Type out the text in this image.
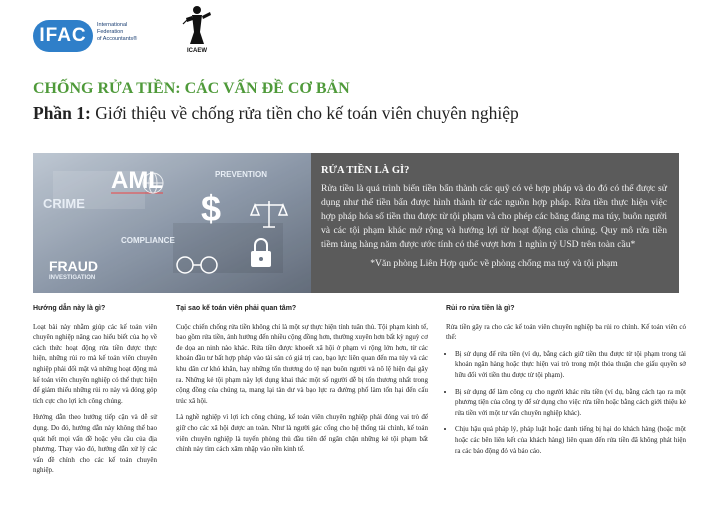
IFAC	International
Federation
of Accountants®
ICAEW
CHỐNG RỬA TIỀN: CÁC VẤN ĐỀ CƠ BẢN
Phần 1: Giới thiệu về chống rửa tiền cho kế toán viên chuyên nghiệp
AML
CRIME
PREVENTION
COMPLIANCE
FRAUD
INVESTIGATION
$
RỬA TIỀN LÀ GÌ?

Rửa tiền là quá trình biến tiền bẩn thành các quỹ có vẻ hợp pháp và do đó có thể được sử dụng như thể tiền bẩn được hình thành từ các nguồn hợp pháp. Rửa tiền thực hiện việc hợp pháp hóa số tiền thu được từ tội phạm và cho phép các băng đảng ma túy, buôn người và các tội phạm khác mở rộng và hướng lợi từ hoạt động của chúng. Quy mô rửa tiền tiềm tàng hàng năm được ước tính có thể vượt hơn 1 nghìn tỷ USD trên toàn cầu*

*Văn phòng Liên Hợp quốc về phòng chống ma tuý và tội phạm

Hướng dẫn này là gì?

Loạt bài này nhằm giúp các kế toán viên chuyên nghiệp nâng cao hiểu biết của họ về cách thức hoạt động rửa tiền được thực hiện, những rủi ro mà kế toán viên chuyên nghiệp phải đối mặt và những hoạt động mà kế toán viên chuyên nghiệp có thể thực hiện để giảm thiểu những rủi ro này và đóng góp tích cực cho lợi ích công chúng.

Hướng dẫn theo hướng tiếp cận và dễ sử dụng. Do đó, hướng dẫn này không thể bao quát hết mọi vấn đề hoặc yêu cầu của địa phương. Thay vào đó, hướng dẫn xử lý các vấn đề chính cho các kế toán chuyên nghiệp.

Tại sao kế toán viên phải quan tâm?

Cuộc chiến chống rửa tiền không chỉ là một sự thực hiện tính tuân thủ. Tội phạm kinh tế, bao gồm rửa tiền, ảnh hưởng đến nhiều cộng đồng hơn, thường xuyên hơn bất kỳ nguỳ cơ đe dọa an ninh nào khác. Rửa tiền được khoeết xã hội ở phạm vi rộng lớn hơn, từ các khoản đầu tư bất hợp pháp vào tài sản có giá trị cao, bạo lực liên quan đến ma túy và các khu dân cư khó khăn, hay những tổn thương do tệ nạn buôn người và nô lệ hiện đại gây ra. Những kẻ tội phạm này lợi dụng khai thác một số người dễ bị tổn thương nhất trong cộng đồng của chúng ta, mang lại tàn dư và bạo lực ra đường phố làm tổn hại đến cấu trúc xã hội.

Là nghề nghiệp vì lợi ích công chúng, kế toán viên chuyên nghiệp phải đóng vai trò để giữ cho các xã hội được an toàn. Như là người gác cổng cho hệ thống tài chính, kế toán viên chuyên nghiệp là tuyến phòng thủ đầu tiên để ngăn chặn những kẻ tội phạm bất chính này tìm cách xâm nhập vào nền kinh tế.

Rủi ro rửa tiền là gì?

Rửa tiền gây ra cho các kế toán viên chuyên nghiệp ba rủi ro chính. Kế toán viên có thể:

• Bị sử dụng để rửa tiền (ví dụ, bằng cách giữ tiền thu được từ tội phạm trong tài khoản ngân hàng hoặc thực hiện vai trò trong một thỏa thuận che giấu quyền sở hữu đối với tiền thu được từ tội phạm).
• Bị sử dụng để làm công cụ cho người khác rửa tiền (ví dụ, bằng cách tạo ra một phương tiện của công ty để sử dụng cho việc rửa tiền hoặc bằng cách giới thiệu kẻ rửa tiền với một tư vấn chuyên nghiệp khác).
• Chịu hậu quả pháp lý, pháp luật hoặc danh tiếng bị hại do khách hàng (hoặc một hoặc các bên liên kết của khách hàng) liên quan đến rửa tiền đã không phát hiện ra các báo động đỏ và báo cáo.
